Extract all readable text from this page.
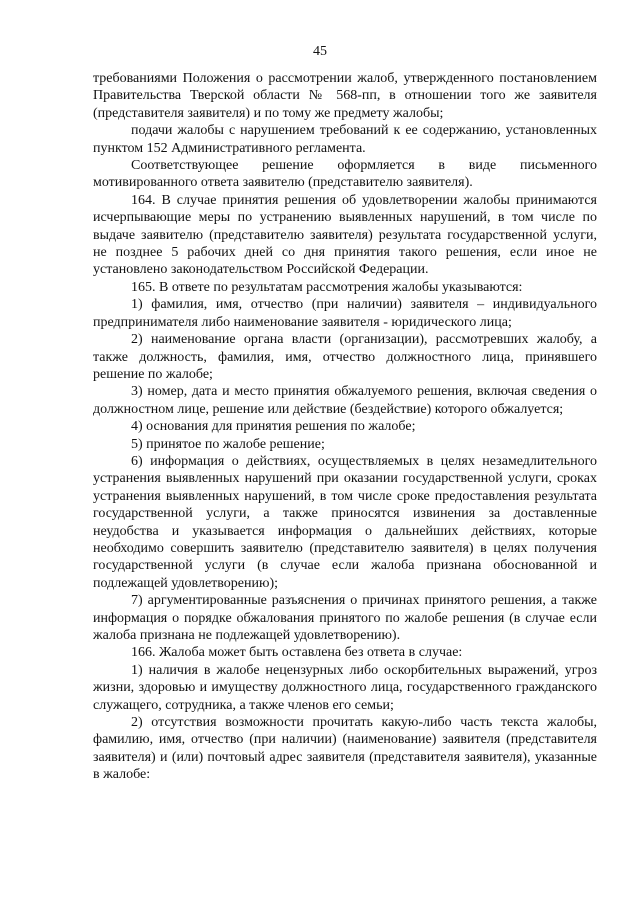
45

требованиями Положения о рассмотрении жалоб, утвержденного постановлением Правительства Тверской области № 568-пп, в отношении того же заявителя (представителя заявителя) и по тому же предмету жалобы;

подачи жалобы с нарушением требований к ее содержанию, установленных пунктом 152 Административного регламента.

Соответствующее решение оформляется в виде письменного мотивированного ответа заявителю (представителю заявителя).

164. В случае принятия решения об удовлетворении жалобы принимаются исчерпывающие меры по устранению выявленных нарушений, в том числе по выдаче заявителю (представителю заявителя) результата государственной услуги, не позднее 5 рабочих дней со дня принятия такого решения, если иное не установлено законодательством Российской Федерации.

165. В ответе по результатам рассмотрения жалобы указываются:

1) фамилия, имя, отчество (при наличии) заявителя – индивидуального предпринимателя либо наименование заявителя - юридического лица;

2) наименование органа власти (организации), рассмотревших жалобу, а также должность, фамилия, имя, отчество должностного лица, принявшего решение по жалобе;

3) номер, дата и место принятия обжалуемого решения, включая сведения о должностном лице, решение или действие (бездействие) которого обжалуется;

4) основания для принятия решения по жалобе;

5) принятое по жалобе решение;

6) информация о действиях, осуществляемых в целях незамедлительного устранения выявленных нарушений при оказании государственной услуги, сроках устранения выявленных нарушений, в том числе сроке предоставления результата государственной услуги, а также приносятся извинения за доставленные неудобства и указывается информация о дальнейших действиях, которые необходимо совершить заявителю (представителю заявителя) в целях получения государственной услуги (в случае если жалоба признана обоснованной и подлежащей удовлетворению);

7) аргументированные разъяснения о причинах принятого решения, а также информация о порядке обжалования принятого по жалобе решения (в случае если жалоба признана не подлежащей удовлетворению).

166. Жалоба может быть оставлена без ответа в случае:

1) наличия в жалобе нецензурных либо оскорбительных выражений, угроз жизни, здоровью и имуществу должностного лица, государственного гражданского служащего, сотрудника, а также членов его семьи;

2) отсутствия возможности прочитать какую-либо часть текста жалобы, фамилию, имя, отчество (при наличии) (наименование) заявителя (представителя заявителя) и (или) почтовый адрес заявителя (представителя заявителя), указанные в жалобе:
